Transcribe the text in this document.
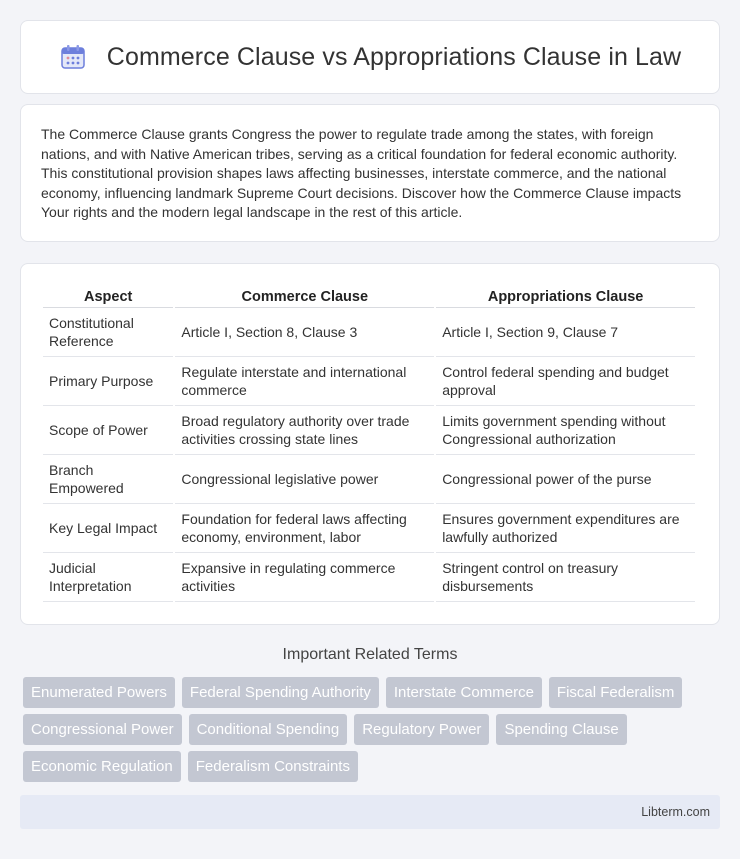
Commerce Clause vs Appropriations Clause in Law

The Commerce Clause grants Congress the power to regulate trade among the states, with foreign nations, and with Native American tribes, serving as a critical foundation for federal economic authority. This constitutional provision shapes laws affecting businesses, interstate commerce, and the national economy, influencing landmark Supreme Court decisions. Discover how the Commerce Clause impacts Your rights and the modern legal landscape in the rest of this article.

Aspect	Commerce Clause	Appropriations Clause
Constitutional Reference	Article I, Section 8, Clause 3	Article I, Section 9, Clause 7
Primary Purpose	Regulate interstate and international commerce	Control federal spending and budget approval
Scope of Power	Broad regulatory authority over trade activities crossing state lines	Limits government spending without Congressional authorization
Branch Empowered	Congressional legislative power	Congressional power of the purse
Key Legal Impact	Foundation for federal laws affecting economy, environment, labor	Ensures government expenditures are lawfully authorized
Judicial Interpretation	Expansive in regulating commerce activities	Stringent control on treasury disbursements
Important Related Terms
Enumerated Powers	Federal Spending Authority	Interstate Commerce	Fiscal Federalism
Congressional Power	Conditional Spending	Regulatory Power	Spending Clause
Economic Regulation	Federalism Constraints
Libterm.com
